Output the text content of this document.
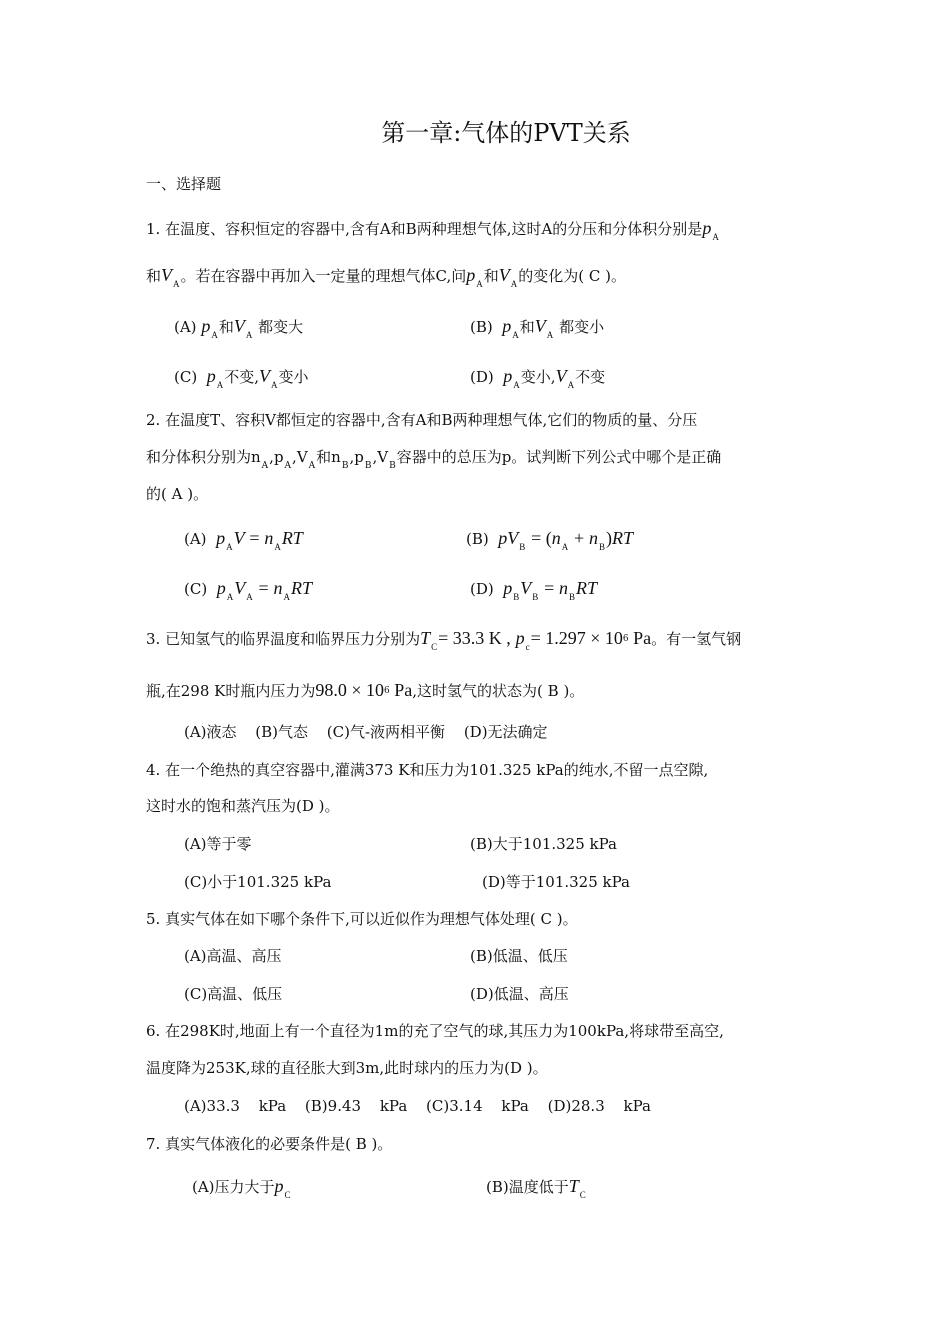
第一章:气体的PVT关系
一、选择题
1. 在温度、容积恒定的容器中,含有A和B两种理想气体,这时A的分压和分体积分别是$p_A$
和$V_A$。若在容器中再加入一定量的理想气体C,问$p_A$和$V_A$的变化为( C )。
(A) $p_A$和$V_A$ 都变大	(B) $p_A$和$V_A$ 都变小
(C) $p_A$不变$,V_A$变小	(D) $p_A$变小$,V_A$不变
2. 在温度T、容积V都恒定的容器中,含有A和B两种理想气体,它们的物质的量、分压
和分体积分别为$n_A,p_A,V_A$和$n_B,p_B,V_B$容器中的总压为p。试判断下列公式中哪个是正确
的( A )。
(A) $p_AV = n_ART$	(B) $pV_B = (n_A + n_B)RT$
(C) $p_AV_A = n_ART$	(D) $p_BV_B = n_BRT$
3. 已知氢气的临界温度和临界压力分别为$T_C= 33.3$ K , $p_c= 1.297 \times 10^6$ Pa。有一氢气钢
瓶,在298 K时瓶内压力为$98.0 \times 10^6$ Pa,这时氢气的状态为( B )。
(A)液态 (B)气态 (C)气-液两相平衡 (D)无法确定
4. 在一个绝热的真空容器中,灌满373 K和压力为101.325 kPa的纯水,不留一点空隙,
这时水的饱和蒸汽压为(D )。
(A)等于零	(B)大于101.325 kPa
(C)小于101.325 kPa	(D)等于101.325 kPa
5. 真实气体在如下哪个条件下,可以近似作为理想气体处理( C )。
(A)高温、高压	(B)低温、低压
(C)高温、低压	(D)低温、高压
6. 在298K时,地面上有一个直径为1m的充了空气的球,其压力为100kPa,将球带至高空,
温度降为253K,球的直径胀大到3m,此时球内的压力为(D )。
(A)33.3 kPa (B)9.43 kPa (C)3.14 kPa (D)28.3 kPa
7. 真实气体液化的必要条件是( B )。
(A)压力大于$p_C$	(B)温度低于$T_C$
